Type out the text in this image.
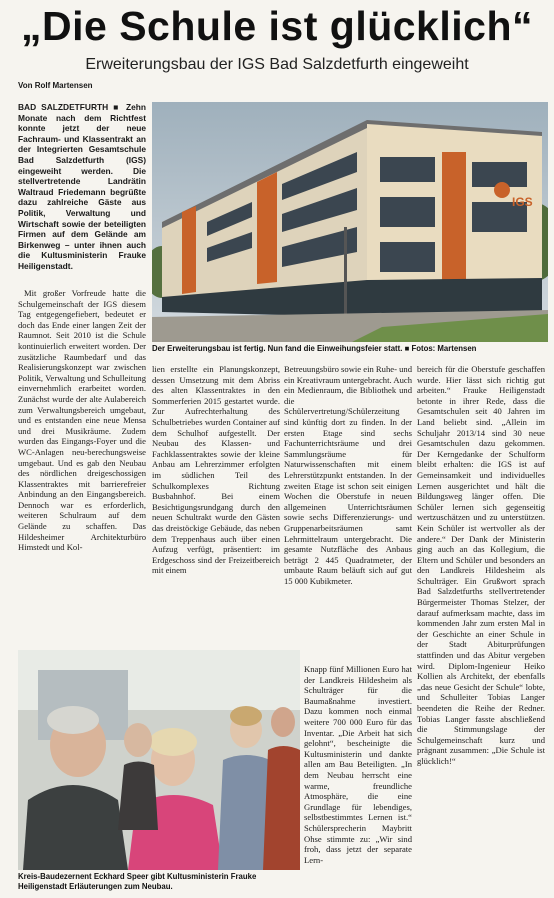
„Die Schule ist glücklich“
Erweiterungsbau der IGS Bad Salzdetfurth eingeweiht
Von Rolf Martensen

BAD SALZDETFURTH ■ Zehn Monate nach dem Richtfest konnte jetzt der neue Fachraum- und Klassentrakt an der Integrierten Gesamtschule Bad Salzdetfurth (IGS) eingeweiht werden. Die stellvertretende Landrätin Waltraud Friedemann begrüßte dazu zahlreiche Gäste aus Politik, Verwaltung und Wirtschaft sowie der beteiligten Firmen auf dem Gelände am Birkenweg – unter ihnen auch die Kultusministerin Frauke Heiligenstadt.

IGS
Der Erweiterungsbau ist fertig. Nun fand die Einweihungsfeier statt. ■ Fotos: Martensen

Mit großer Vorfreude hatte die Schulgemeinschaft der IGS diesem Tag entgegengefiebert, bedeutet er doch das Ende einer langen Zeit der Raumnot. Seit 2010 ist die Schule kontinuierlich erweitert worden. Der zusätzliche Raumbedarf und das Realisierungskonzept war zwischen Politik, Verwaltung und Schulleitung einvernehmlich erarbeitet worden. Zunächst wurde der alte Aulabereich zum Verwaltungsbereich umgebaut, und es entstanden eine neue Mensa und drei Musikräume. Zudem wurden das Eingangs-Foyer und die WC-Anlagen neu-berechungsweise umgebaut. Und es gab den Neubau des nördlichen dreigeschossigen Klassentraktes mit barrierefreier Anbindung an den Eingangsbereich. Dennoch war es erforderlich, weiteren Schulraum auf dem Gelände zu schaffen. Das Hildesheimer Architekturbüro Himstedt und Kol-

lien erstellte ein Planungskonzept, dessen Umsetzung mit dem Abriss des alten Klassentraktes in den Sommerferien 2015 gestartet wurde. Zur Aufrechterhaltung des Schulbetriebes wurden Container auf dem Schulhof aufgestellt. Der Neubau des Klassen- und Fachklassentraktes sowie der kleine Anbau am Lehrerzimmer erfolgten im südlichen Teil des Schulkomplexes Richtung Busbahnhof. Bei einem Besichtigungsrundgang durch den neuen Schultrakt wurde den Gästen das dreistöckige Gebäude, das neben dem Treppenhaus auch über einen Aufzug verfügt, präsentiert: im Erdgeschoss sind der Freizeitbereich mit einem

Betreuungsbüro sowie ein Ruhe- und ein Kreativraum untergebracht. Auch ein Medienraum, die Bibliothek und die Schülervertretung/Schülerzeitung sind künftig dort zu finden. In der ersten Etage sind sechs Fachunterrichtsräume und drei Sammlungsräume für Naturwissenschaften mit einem Lehrerstützpunkt entstanden. In der zweiten Etage ist schon seit einigen Wochen die Oberstufe in neuen allgemeinen Unterrichtsräumen sowie sechs Differenzierungs- und Gruppenarbeitsräumen samt Lehrmittelraum untergebracht. Die gesamte Nutzfläche des Anbaus beträgt 2 445 Quadratmeter, der umbaute Raum beläuft sich auf gut 15 000 Kubikmeter.

Knapp fünf Millionen Euro hat der Landkreis Hildesheim als Schulträger für die Baumaßnahme investiert. Dazu kommen noch einmal weitere 700 000 Euro für das Inventar. „Die Arbeit hat sich gelohnt“, bescheinigte die Kultusministerin und dankte allen am Bau Beteiligten. „In dem Neubau herrscht eine warme, freundliche Atmosphäre, die eine Grundlage für lebendiges, selbstbestimmtes Lernen ist.“ Schülersprecherin Maybritt Ohse stimmte zu: „Wir sind froh, dass jetzt der separate Lern-

bereich für die Oberstufe geschaffen wurde. Hier lässt sich richtig gut arbeiten.“ Frauke Heiligenstadt betonte in ihrer Rede, dass die Gesamtschulen seit 40 Jahren im Land beliebt sind. „Allein im Schuljahr 2013/14 sind 30 neue Gesamtschulen dazu gekommen. Der Kerngedanke der Schulform bleibt erhalten: die IGS ist auf Gemeinsamkeit und individuelles Lernen ausgerichtet und hält die Bildungsweg länger offen. Die Schüler lernen sich gegenseitig wertzuschätzen und zu unterstützen. Kein Schüler ist wertvoller als der andere.“ Der Dank der Ministerin ging auch an das Kollegium, die Eltern und Schüler und besonders an den Landkreis Hildesheim als Schulträger. Ein Grußwort sprach Bad Salzdetfurths stellvertretender Bürgermeister Thomas Stelzer, der darauf aufmerksam machte, dass im kommenden Jahr zum ersten Mal in der Geschichte an einer Schule in der Stadt Abiturprüfungen stattfinden und das Abitur vergeben wird. Diplom-Ingenieur Heiko Kollien als Architekt, der ebenfalls „das neue Gesicht der Schule“ lobte, und Schulleiter Tobias Langer beendeten die Reihe der Redner. Tobias Langer fasste abschließend die Stimmungslage der Schulgemeinschaft kurz und prägnant zusammen: „Die Schule ist glücklich!“

Kreis-Baudezernent Eckhard Speer gibt Kultusministerin Frauke Heiligenstadt Erläuterungen zum Neubau.
